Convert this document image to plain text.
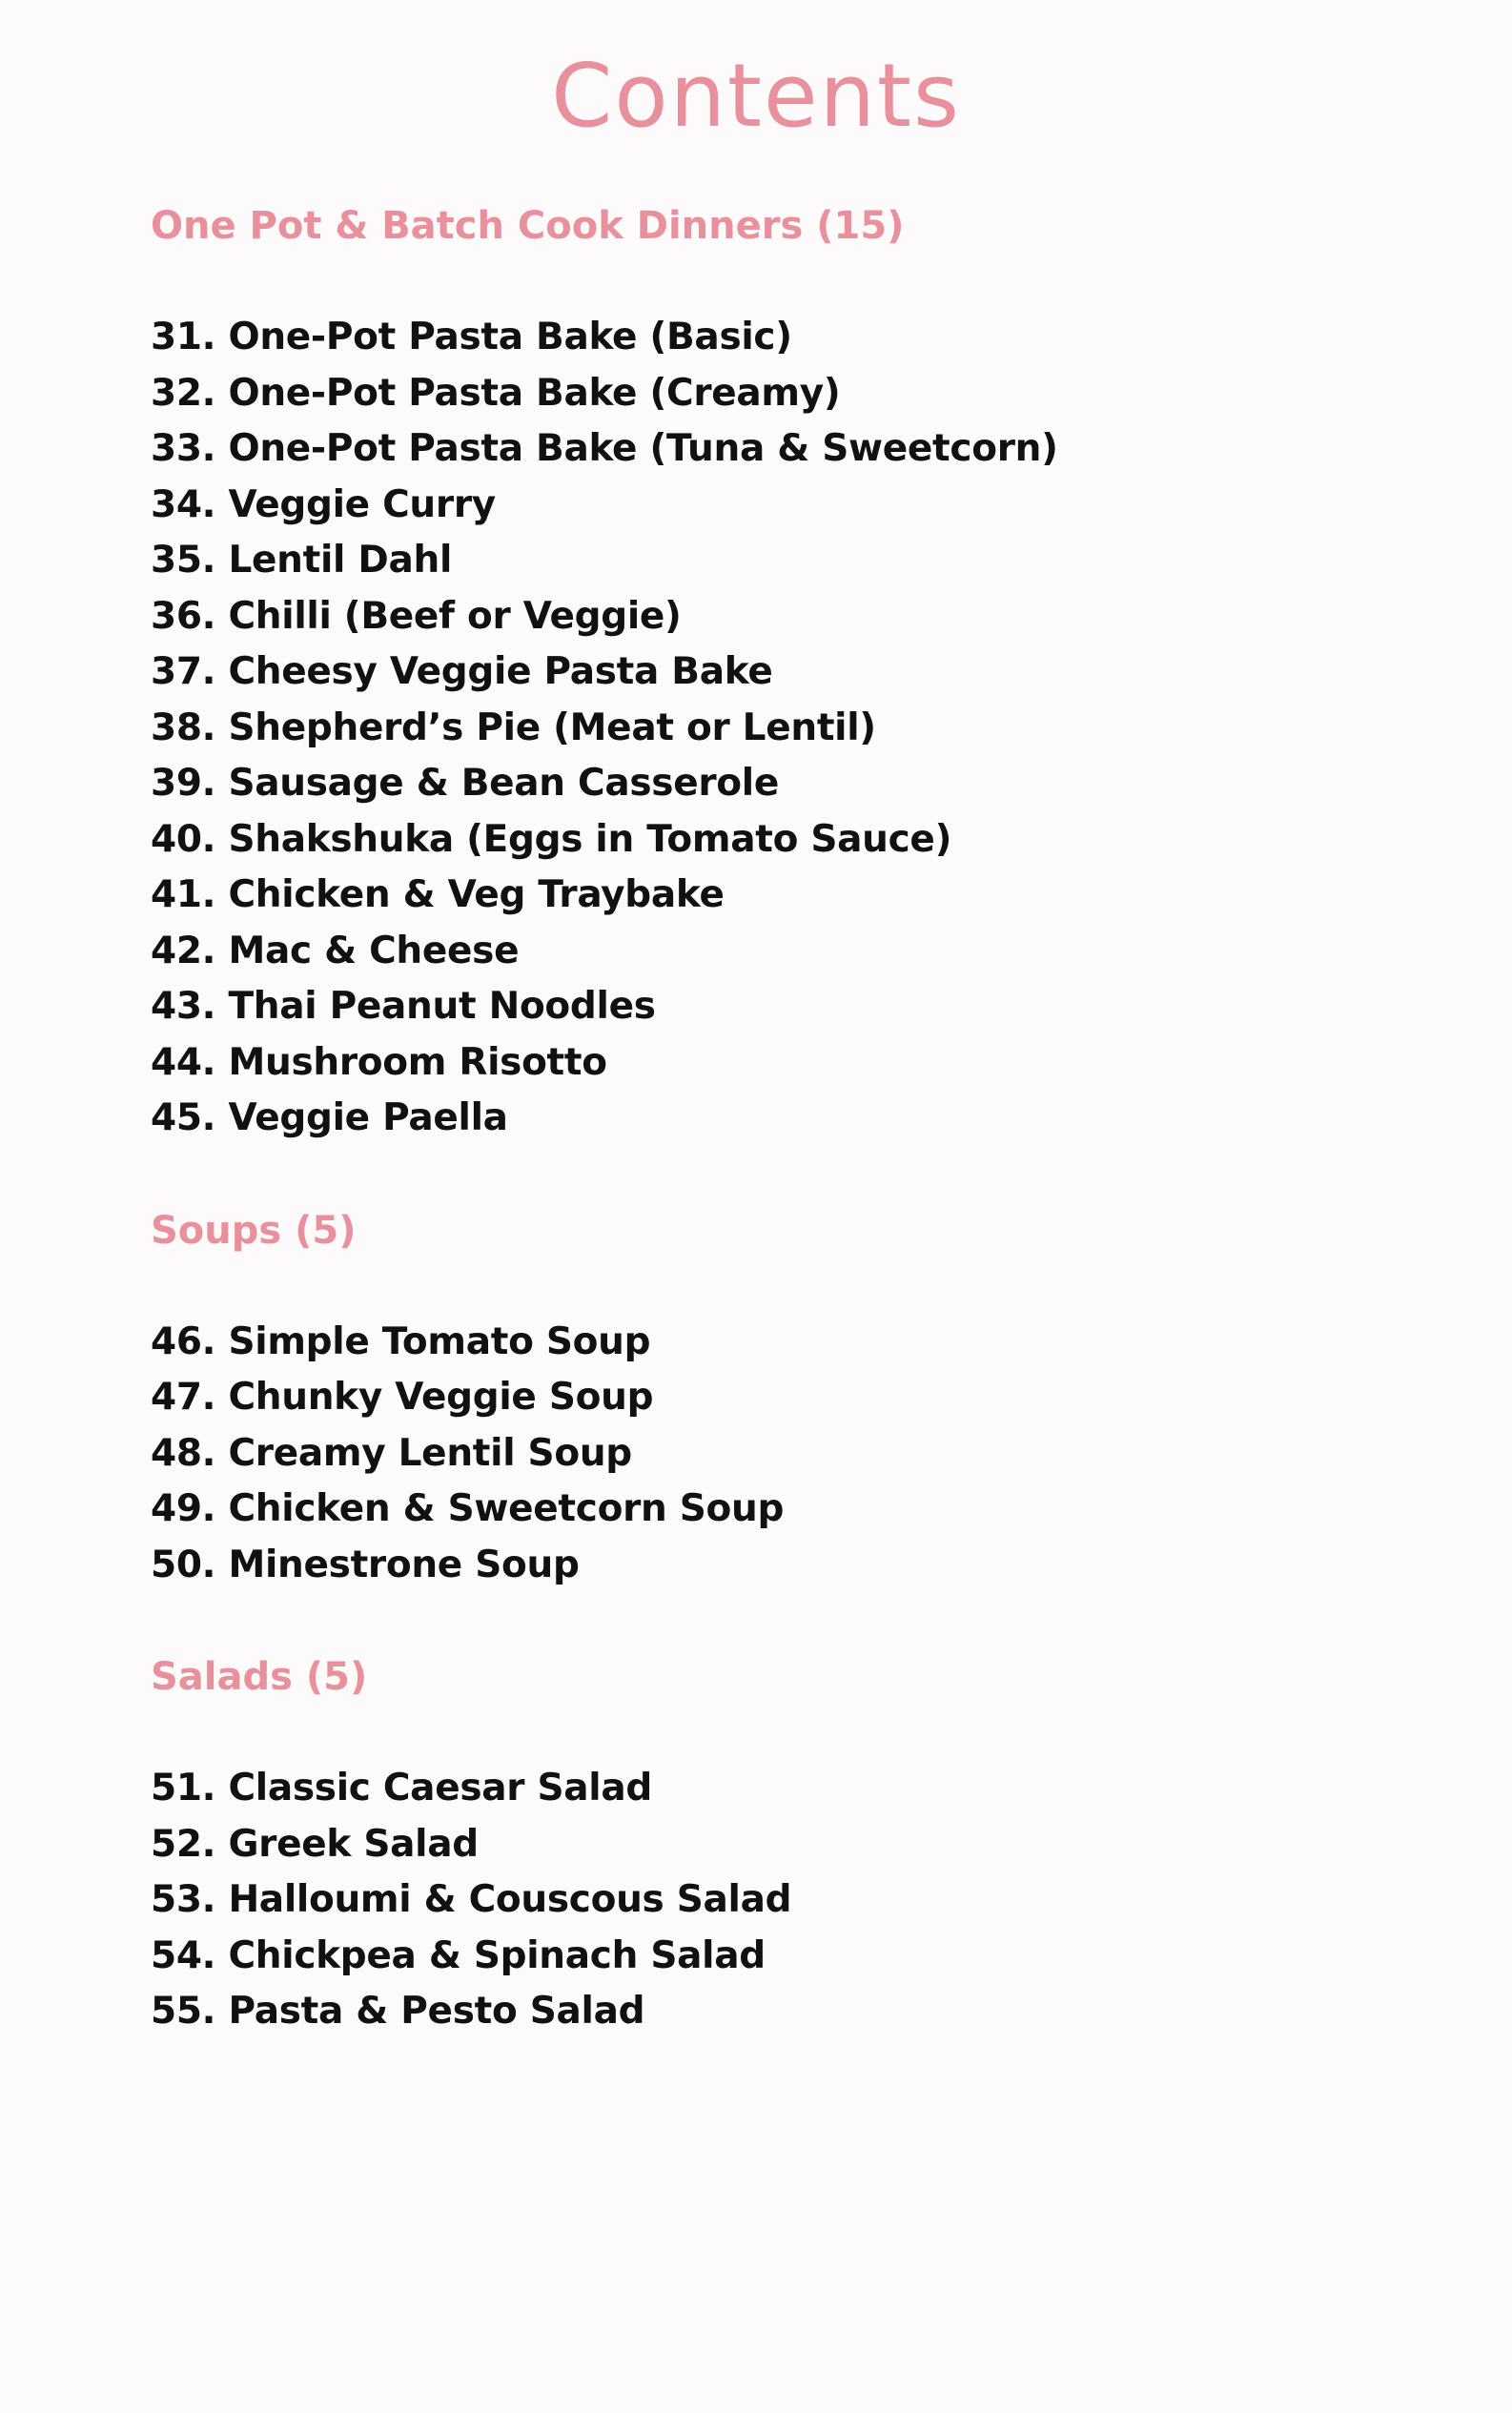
Contents
One Pot & Batch Cook Dinners (15)
31. One-Pot Pasta Bake (Basic)
32. One-Pot Pasta Bake (Creamy)
33. One-Pot Pasta Bake (Tuna & Sweetcorn)
34. Veggie Curry
35. Lentil Dahl
36. Chilli (Beef or Veggie)
37. Cheesy Veggie Pasta Bake
38. Shepherd’s Pie (Meat or Lentil)
39. Sausage & Bean Casserole
40. Shakshuka (Eggs in Tomato Sauce)
41. Chicken & Veg Traybake
42. Mac & Cheese
43. Thai Peanut Noodles
44. Mushroom Risotto
45. Veggie Paella
Soups (5)
46. Simple Tomato Soup
47. Chunky Veggie Soup
48. Creamy Lentil Soup
49. Chicken & Sweetcorn Soup
50. Minestrone Soup
Salads (5)
51. Classic Caesar Salad
52. Greek Salad
53. Halloumi & Couscous Salad
54. Chickpea & Spinach Salad
55. Pasta & Pesto Salad
